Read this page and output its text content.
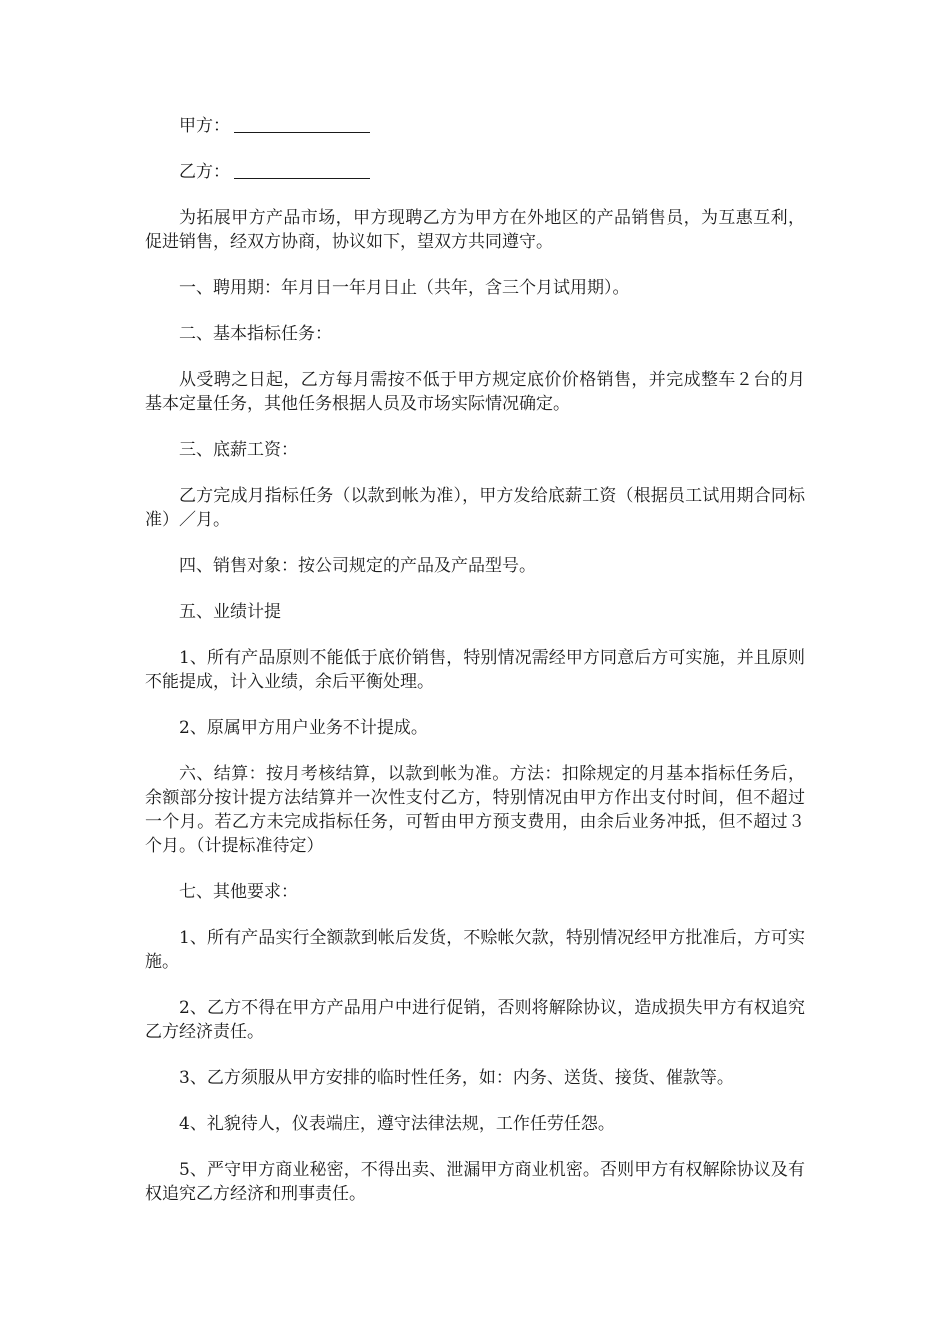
甲方：
乙方：

为拓展甲方产品市场，甲方现聘乙方为甲方在外地区的产品销售员，为互惠互利，促进销售，经双方协商，协议如下，望双方共同遵守。

一、聘用期：年月日一年月日止（共年，含三个月试用期）。

二、基本指标任务：

从受聘之日起，乙方每月需按不低于甲方规定底价价格销售，并完成整车２台的月基本定量任务，其他任务根据人员及市场实际情况确定。

三、底薪工资：

乙方完成月指标任务（以款到帐为准），甲方发给底薪工资（根据员工试用期合同标准）／月。

四、销售对象：按公司规定的产品及产品型号。

五、业绩计提

1、所有产品原则不能低于底价销售，特别情况需经甲方同意后方可实施，并且原则不能提成，计入业绩，余后平衡处理。

2、原属甲方用户业务不计提成。

六、结算：按月考核结算，以款到帐为准。方法：扣除规定的月基本指标任务后，余额部分按计提方法结算并一次性支付乙方，特别情况由甲方作出支付时间，但不超过一个月。若乙方未完成指标任务，可暂由甲方预支费用，由余后业务冲抵，但不超过３个月。（计提标准待定）

七、其他要求：

1、所有产品实行全额款到帐后发货，不赊帐欠款，特别情况经甲方批准后，方可实施。

2、乙方不得在甲方产品用户中进行促销，否则将解除协议，造成损失甲方有权追究乙方经济责任。

3、乙方须服从甲方安排的临时性任务，如：内务、送货、接货、催款等。

4、礼貌待人，仪表端庄，遵守法律法规，工作任劳任怨。

5、严守甲方商业秘密，不得出卖、泄漏甲方商业机密。否则甲方有权解除协议及有权追究乙方经济和刑事责任。
